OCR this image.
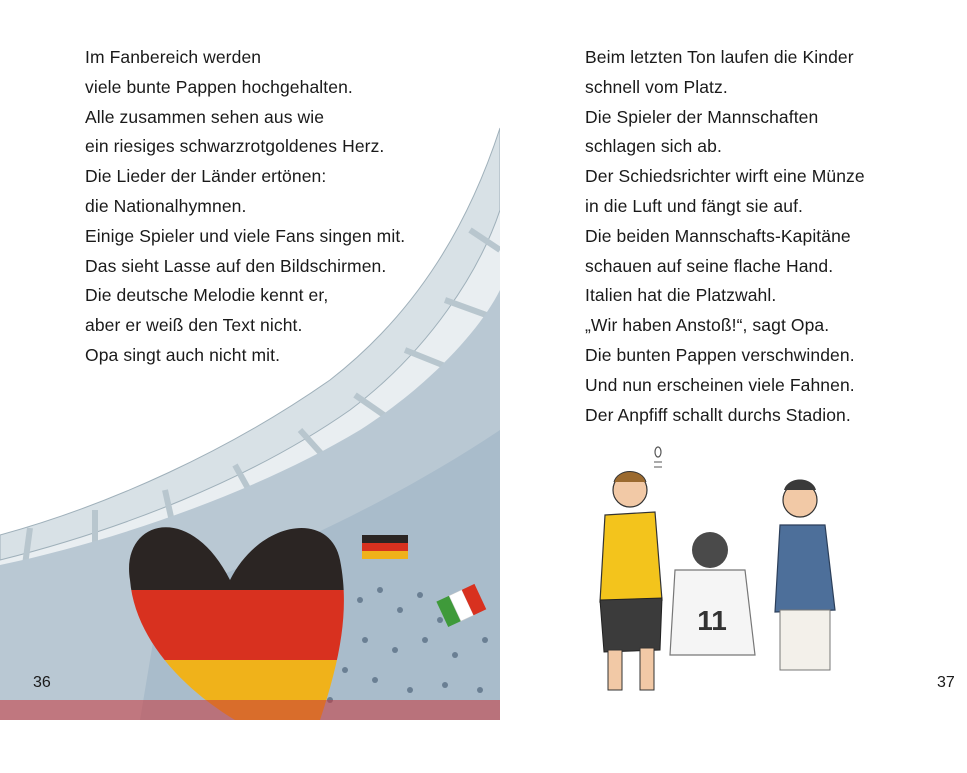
Im Fanbereich werden
viele bunte Pappen hochgehalten.
Alle zusammen sehen aus wie
ein riesiges schwarzrotgoldenes Herz.
Die Lieder der Länder ertönen:
die Nationalhymnen.
Einige Spieler und viele Fans singen mit.
Das sieht Lasse auf den Bildschirmen.
Die deutsche Melodie kennt er,
aber er weiß den Text nicht.
Opa singt auch nicht mit.
36
Beim letzten Ton laufen die Kinder
schnell vom Platz.
Die Spieler der Mannschaften
schlagen sich ab.
Der Schiedsrichter wirft eine Münze
in die Luft und fängt sie auf.
Die beiden Mannschafts-Kapitäne
schauen auf seine flache Hand.
Italien hat die Platzwahl.
„Wir haben Anstoß!“, sagt Opa.
Die bunten Pappen verschwinden.
Und nun erscheinen viele Fahnen.
Der Anpfiff schallt durchs Stadion.
11
37
